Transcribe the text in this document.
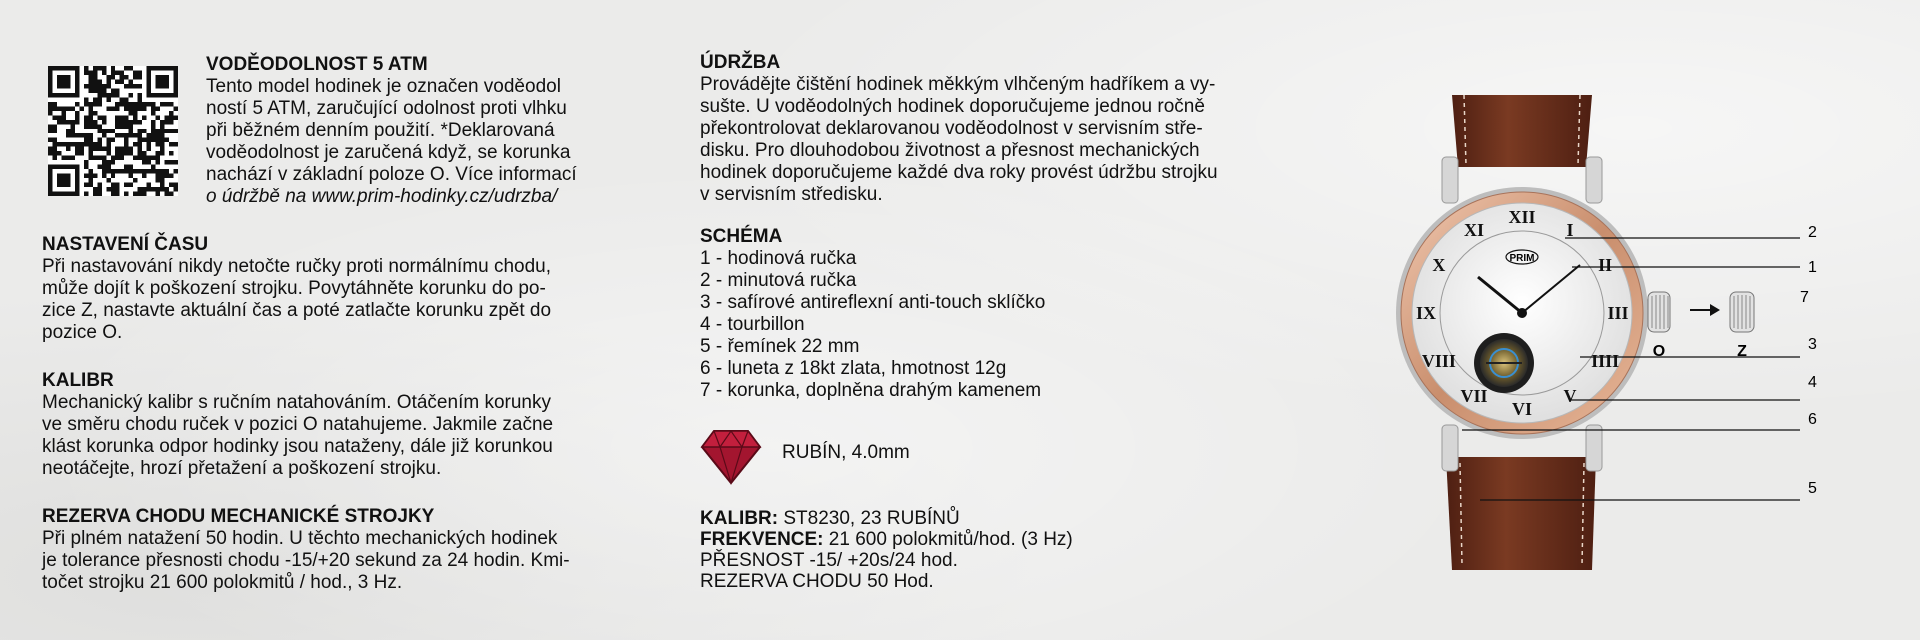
VODĚODOLNOST 5 ATM
Tento model hodinek je označen voděodol
ností 5 ATM, zaručující odolnost proti vlhku
při běžném denním použití. *Deklarovaná
voděodolnost je zaručená když, se korunka
nachází v základní poloze O. Více informací
o údržbě na www.prim-hodinky.cz/udrzba/
NASTAVENÍ ČASU
Při nastavování nikdy netočte ručky proti normálnímu chodu,
může dojít k poškození strojku. Povytáhněte korunku do po-
zice Z, nastavte aktuální čas a poté zatlačte korunku zpět do
pozice O.
KALIBR
Mechanický kalibr s ručním natahováním. Otáčením korunky
ve směru chodu ruček v pozici O natahujeme. Jakmile začne
klást korunka odpor hodinky jsou nataženy, dále již korunkou
neotáčejte, hrozí přetažení a poškození strojku.
REZERVA CHODU MECHANICKÉ STROJKY
Při plném natažení 50 hodin. U těchto mechanických hodinek
je tolerance přesnosti chodu -15/+20 sekund za 24 hodin. Kmi-
točet strojku 21 600 polokmitů / hod., 3 Hz.
ÚDRŽBA
Provádějte čištění hodinek měkkým vlhčeným hadříkem a vy-
sušte. U voděodolných hodinek doporučujeme jednou ročně
překontrolovat deklarovanou voděodolnost v servisním stře-
disku. Pro dlouhodobou životnost a přesnost mechanických
hodinek doporučujeme každé dva roky provést údržbu strojku
v servisním středisku.
SCHÉMA
1 - hodinová ručka
2 - minutová ručka
3 - safírové antireflexní anti-touch sklíčko
4 - tourbillon
5 - řemínek 22 mm
6 - luneta z 18kt zlata, hmotnost 12g
7 - korunka, doplněna drahým kamenem
RUBÍN, 4.0mm
KALIBR: ST8230, 23 RUBÍNŮ
FREKVENCE: 21 600 polokmitů/hod. (3 Hz)
PŘESNOST -15/ +20s/24 hod.
REZERVA CHODU 50 Hod.
XII
I
II
III
IIII
V
VI
VII
VIII
IX
X
XI
PRIM
2
1
3
4
6
5
O	Z
7
